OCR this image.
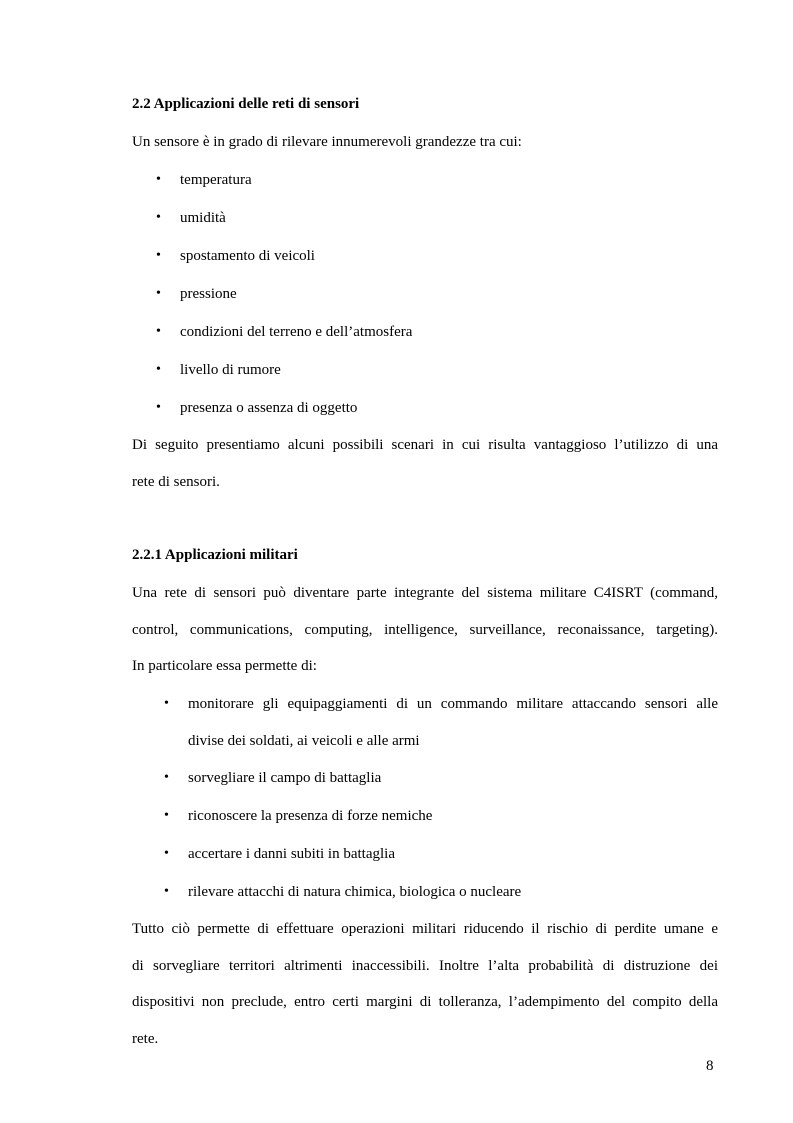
2.2 Applicazioni delle reti di sensori
Un sensore è in grado di rilevare innumerevoli grandezze tra cui:
• temperatura
• umidità
• spostamento di veicoli
• pressione
• condizioni del terreno e dell’atmosfera
• livello di rumore
• presenza o assenza di oggetto
Di seguito presentiamo alcuni possibili scenari in cui risulta vantaggioso l’utilizzo di una
rete di sensori.
2.2.1 Applicazioni militari
Una rete di sensori può diventare parte integrante del sistema militare C4ISRT (command,
control, communications, computing, intelligence, surveillance, reconaissance, targeting).
In particolare essa permette di:
• monitorare gli equipaggiamenti di un commando militare attaccando sensori alle
divise dei soldati, ai veicoli e alle armi
• sorvegliare il campo di battaglia
• riconoscere la presenza di forze nemiche
• accertare i danni subiti in battaglia
• rilevare attacchi di natura chimica, biologica o nucleare
Tutto ciò permette di effettuare operazioni militari riducendo il rischio di perdite umane e
di sorvegliare territori altrimenti inaccessibili. Inoltre l’alta probabilità di distruzione dei
dispositivi non preclude, entro certi margini di tolleranza, l’adempimento del compito della
rete.
8
